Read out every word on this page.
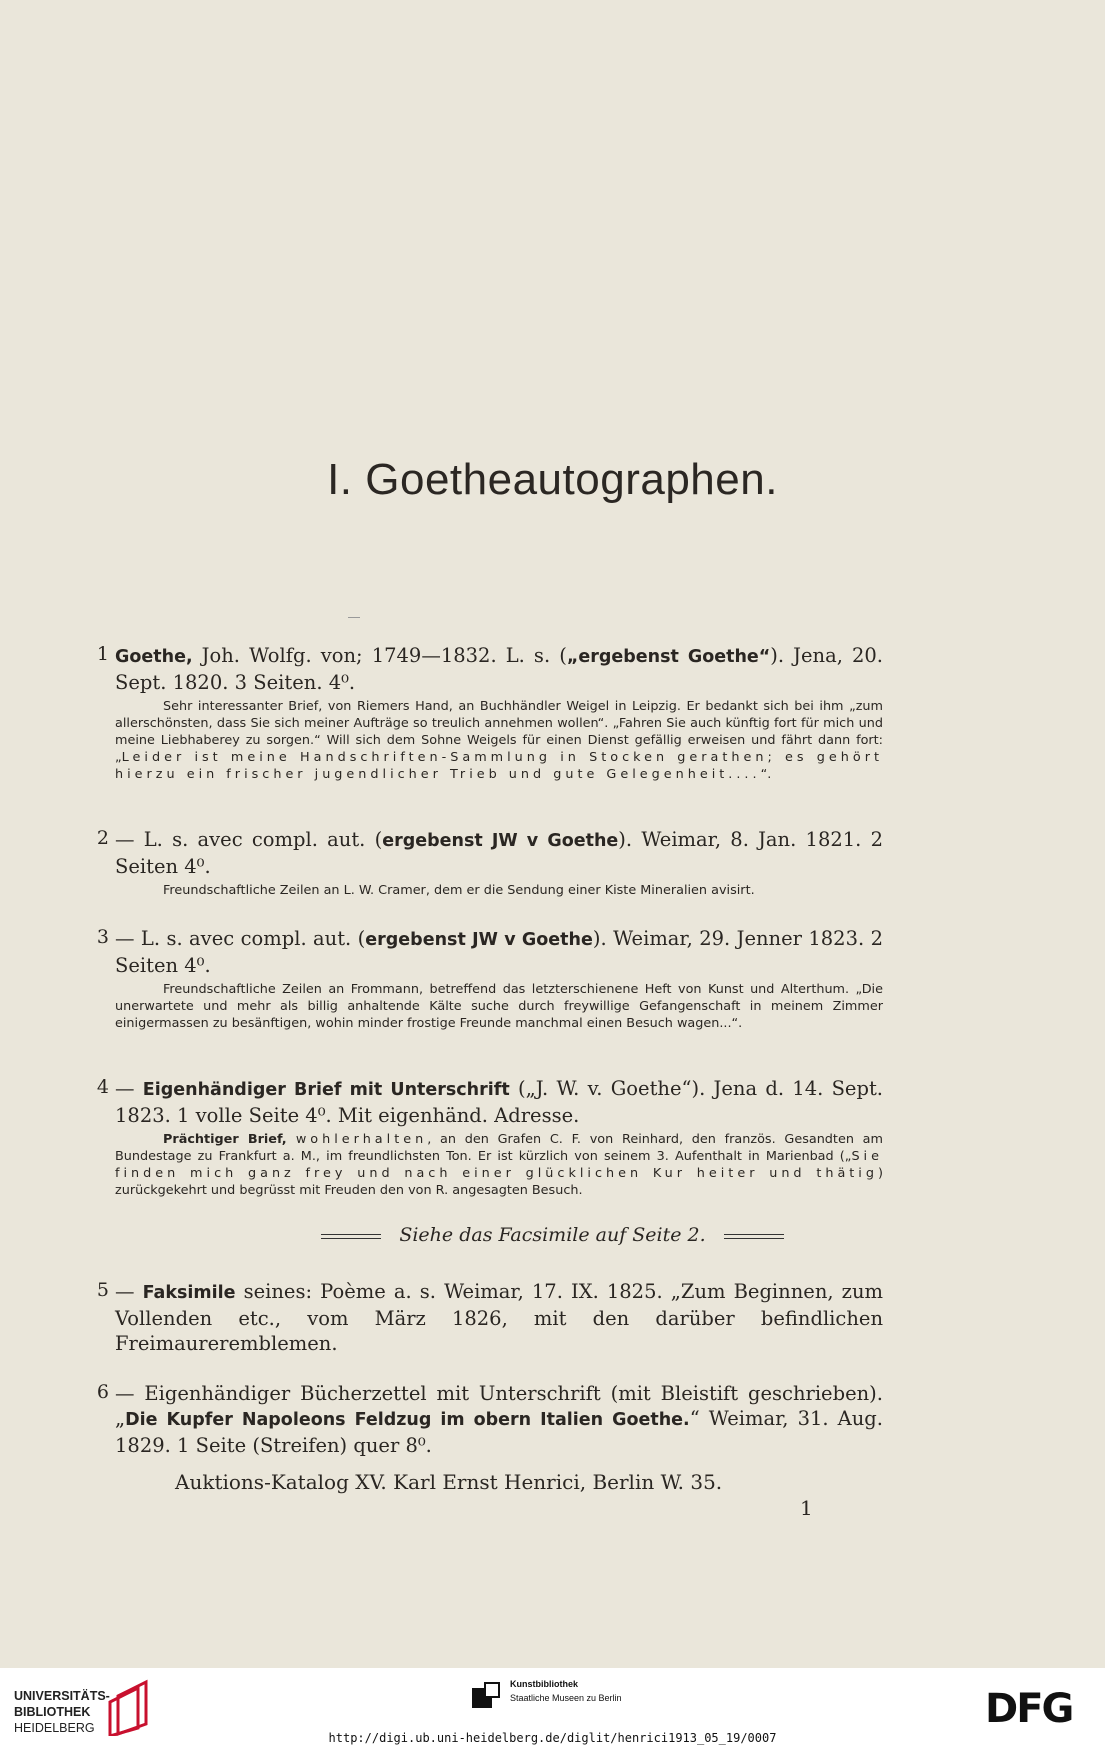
I. Goetheautographen.
1 Goethe, Joh. Wolfg. von; 1749—1832. L. s. („ergebenst Goethe“). Jena, 20. Sept. 1820. 3 Seiten. 4⁰.
Sehr interessanter Brief, von Riemers Hand, an Buchhändler Weigel in Leipzig. Er bedankt sich bei ihm „zum allerschönsten, dass Sie sich meiner Aufträge so treulich annehmen wollen“. „Fahren Sie auch künftig fort für mich und meine Liebhaberey zu sorgen.“ Will sich dem Sohne Weigels für einen Dienst gefällig erweisen und fährt dann fort: „Leider ist meine Handschriften-Sammlung in Stocken gerathen; es gehört hierzu ein frischer jugendlicher Trieb und gute Gelegenheit....“.
2 — L. s. avec compl. aut. (ergebenst JW v Goethe). Weimar, 8. Jan. 1821. 2 Seiten 4⁰.
Freundschaftliche Zeilen an L. W. Cramer, dem er die Sendung einer Kiste Mineralien avisirt.
3 — L. s. avec compl. aut. (ergebenst JW v Goethe). Weimar, 29. Jenner 1823. 2 Seiten 4⁰.
Freundschaftliche Zeilen an Frommann, betreffend das letzterschienene Heft von Kunst und Alterthum. „Die unerwartete und mehr als billig anhaltende Kälte suche durch freywillige Gefangenschaft in meinem Zimmer einigermassen zu besänftigen, wohin minder frostige Freunde manchmal einen Besuch wagen...“.
4 — Eigenhändiger Brief mit Unterschrift („J. W. v. Goethe“). Jena d. 14. Sept. 1823. 1 volle Seite 4⁰. Mit eigenhänd. Adresse.
Prächtiger Brief, wohlerhalten, an den Grafen C. F. von Reinhard, den französ. Gesandten am Bundestage zu Frankfurt a. M., im freundlichsten Ton. Er ist kürzlich von seinem 3. Aufenthalt in Marienbad („Sie finden mich ganz frey und nach einer glücklichen Kur heiter und thätig) zurückgekehrt und begrüsst mit Freuden den von R. angesagten Besuch.
Siehe das Facsimile auf Seite 2.
5 — Faksimile seines: Poème a. s. Weimar, 17. IX. 1825. „Zum Beginnen, zum Vollenden etc., vom März 1826, mit den darüber befindlichen Freimaureremblemen.
6 — Eigenhändiger Bücherzettel mit Unterschrift (mit Bleistift geschrieben). „Die Kupfer Napoleons Feldzug im obern Italien Goethe.“ Weimar, 31. Aug. 1829. 1 Seite (Streifen) quer 8⁰.
Auktions-Katalog XV. Karl Ernst Henrici, Berlin W. 35.
1
UNIVERSITÄTS-
BIBLIOTHEK
HEIDELBERG
Kunstbibliothek
Staatliche Museen zu Berlin	DFG
http://digi.ub.uni-heidelberg.de/diglit/henrici1913_05_19/0007
